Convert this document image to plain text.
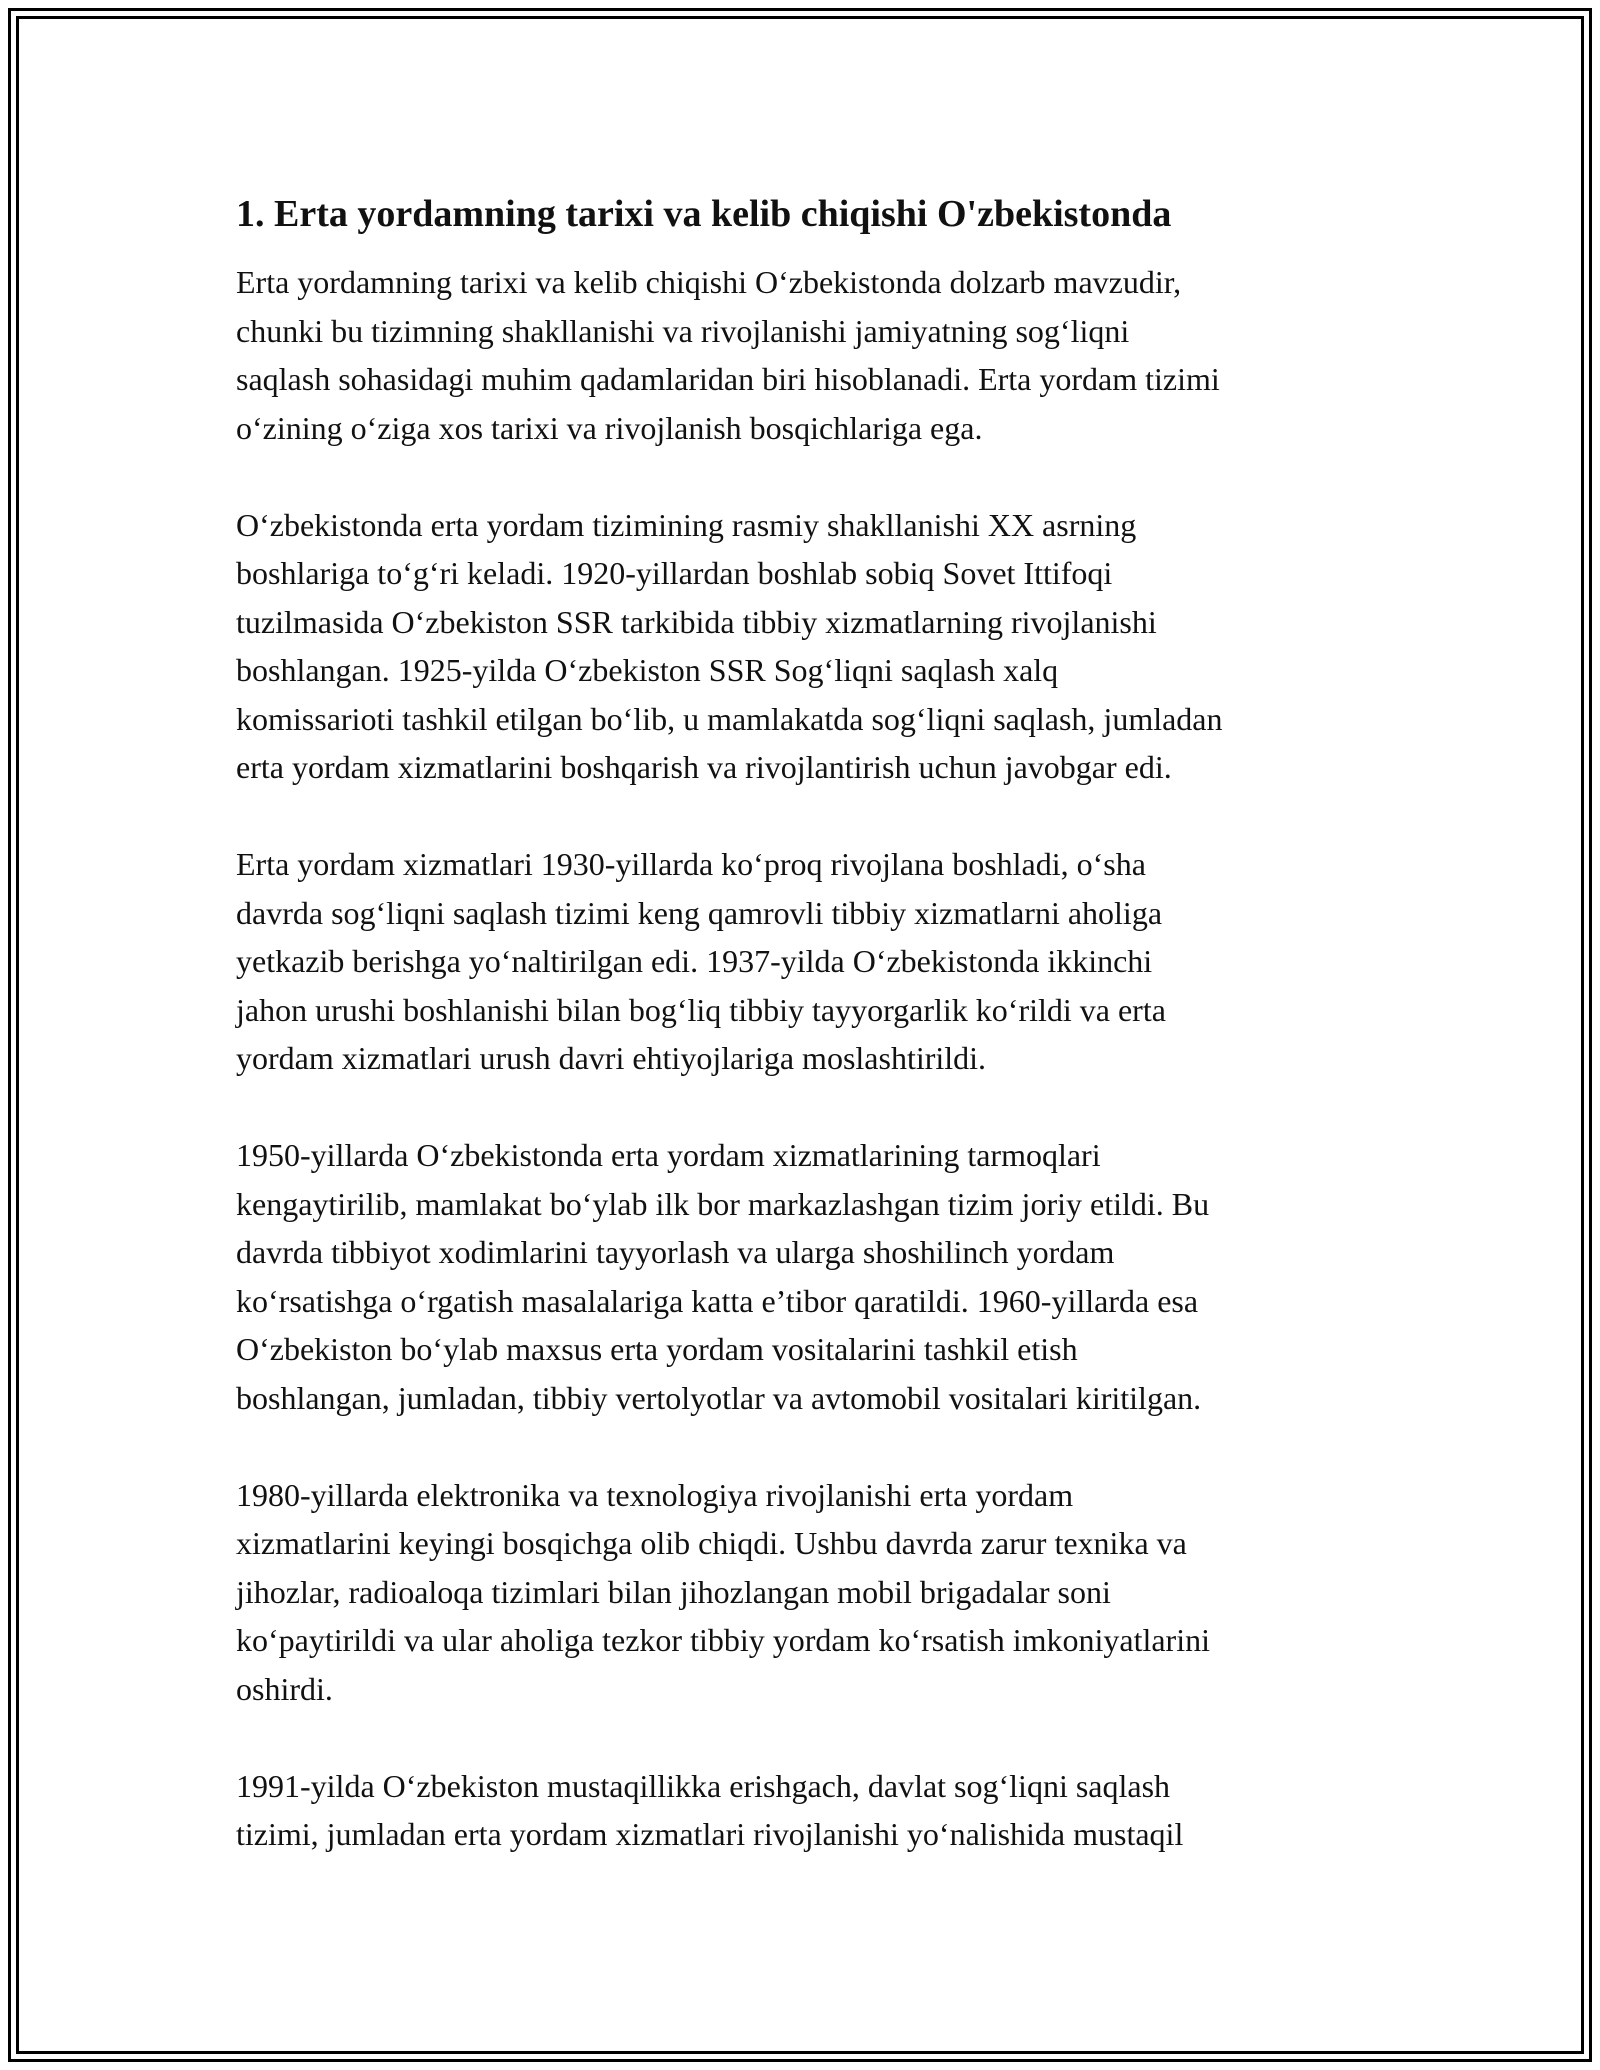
1. Erta yordamning tarixi va kelib chiqishi O'zbekistonda

Erta yordamning tarixi va kelib chiqishi O‘zbekistonda dolzarb mavzudir,
chunki bu tizimning shakllanishi va rivojlanishi jamiyatning sog‘liqni
saqlash sohasidagi muhim qadamlaridan biri hisoblanadi. Erta yordam tizimi
o‘zining o‘ziga xos tarixi va rivojlanish bosqichlariga ega.

O‘zbekistonda erta yordam tizimining rasmiy shakllanishi XX asrning
boshlariga to‘g‘ri keladi. 1920-yillardan boshlab sobiq Sovet Ittifoqi
tuzilmasida O‘zbekiston SSR tarkibida tibbiy xizmatlarning rivojlanishi
boshlangan. 1925-yilda O‘zbekiston SSR Sog‘liqni saqlash xalq
komissarioti tashkil etilgan bo‘lib, u mamlakatda sog‘liqni saqlash, jumladan
erta yordam xizmatlarini boshqarish va rivojlantirish uchun javobgar edi.

Erta yordam xizmatlari 1930-yillarda ko‘proq rivojlana boshladi, o‘sha
davrda sog‘liqni saqlash tizimi keng qamrovli tibbiy xizmatlarni aholiga
yetkazib berishga yo‘naltirilgan edi. 1937-yilda O‘zbekistonda ikkinchi
jahon urushi boshlanishi bilan bog‘liq tibbiy tayyorgarlik ko‘rildi va erta
yordam xizmatlari urush davri ehtiyojlariga moslashtirildi.

1950-yillarda O‘zbekistonda erta yordam xizmatlarining tarmoqlari
kengaytirilib, mamlakat bo‘ylab ilk bor markazlashgan tizim joriy etildi. Bu
davrda tibbiyot xodimlarini tayyorlash va ularga shoshilinch yordam
ko‘rsatishga o‘rgatish masalalariga katta e’tibor qaratildi. 1960-yillarda esa
O‘zbekiston bo‘ylab maxsus erta yordam vositalarini tashkil etish
boshlangan, jumladan, tibbiy vertolyotlar va avtomobil vositalari kiritilgan.

1980-yillarda elektronika va texnologiya rivojlanishi erta yordam
xizmatlarini keyingi bosqichga olib chiqdi. Ushbu davrda zarur texnika va
jihozlar, radioaloqa tizimlari bilan jihozlangan mobil brigadalar soni
ko‘paytirildi va ular aholiga tezkor tibbiy yordam ko‘rsatish imkoniyatlarini
oshirdi.

1991-yilda O‘zbekiston mustaqillikka erishgach, davlat sog‘liqni saqlash
tizimi, jumladan erta yordam xizmatlari rivojlanishi yo‘nalishida mustaqil
